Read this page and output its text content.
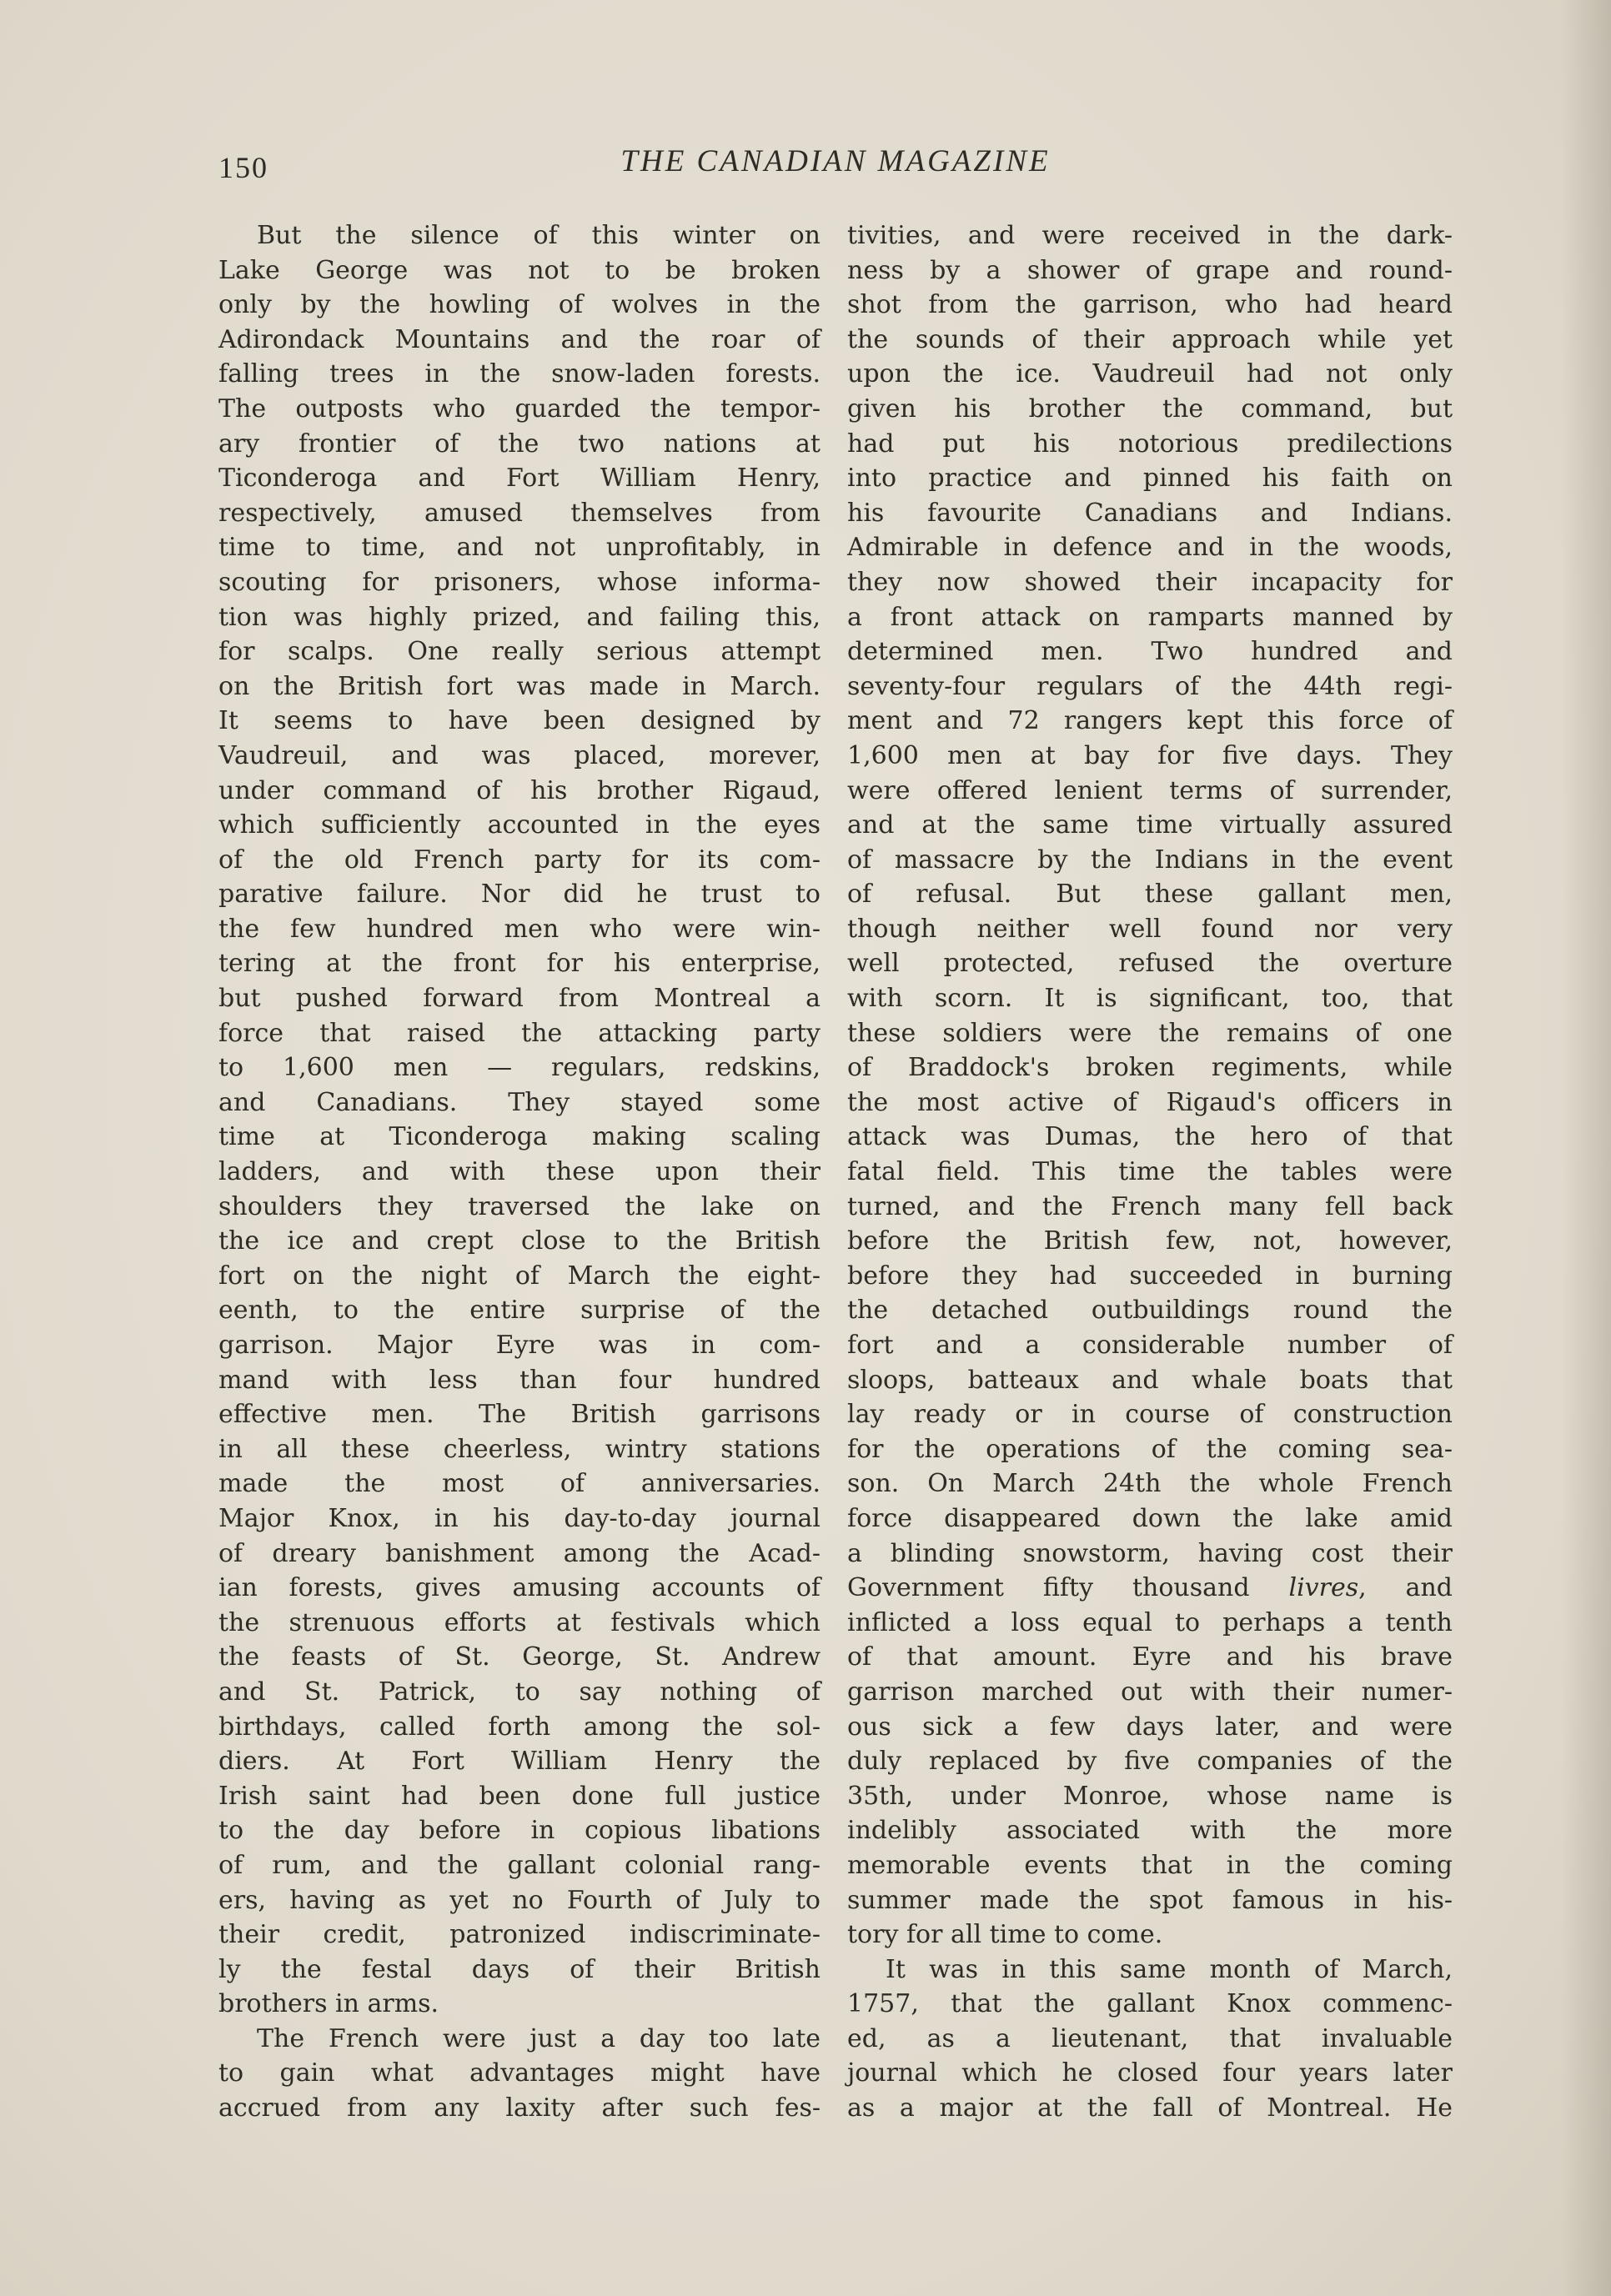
150	THE CANADIAN MAGAZINE
But the silence of this winter on
Lake George was not to be broken
only by the howling of wolves in the
Adirondack Mountains and the roar of
falling trees in the snow-laden forests.
The outposts who guarded the tempor-
ary frontier of the two nations at
Ticonderoga and Fort William Henry,
respectively, amused themselves from
time to time, and not unprofitably, in
scouting for prisoners, whose informa-
tion was highly prized, and failing this,
for scalps. One really serious attempt
on the British fort was made in March.
It seems to have been designed by
Vaudreuil, and was placed, morever,
under command of his brother Rigaud,
which sufficiently accounted in the eyes
of the old French party for its com-
parative failure. Nor did he trust to
the few hundred men who were win-
tering at the front for his enterprise,
but pushed forward from Montreal a
force that raised the attacking party
to 1,600 men — regulars, redskins,
and Canadians. They stayed some
time at Ticonderoga making scaling
ladders, and with these upon their
shoulders they traversed the lake on
the ice and crept close to the British
fort on the night of March the eight-
eenth, to the entire surprise of the
garrison. Major Eyre was in com-
mand with less than four hundred
effective men. The British garrisons
in all these cheerless, wintry stations
made the most of anniversaries.
Major Knox, in his day-to-day journal
of dreary banishment among the Acad-
ian forests, gives amusing accounts of
the strenuous efforts at festivals which
the feasts of St. George, St. Andrew
and St. Patrick, to say nothing of
birthdays, called forth among the sol-
diers. At Fort William Henry the
Irish saint had been done full justice
to the day before in copious libations
of rum, and the gallant colonial rang-
ers, having as yet no Fourth of July to
their credit, patronized indiscriminate-
ly the festal days of their British
brothers in arms.
The French were just a day too late
to gain what advantages might have
accrued from any laxity after such fes-
tivities, and were received in the dark-
ness by a shower of grape and round-
shot from the garrison, who had heard
the sounds of their approach while yet
upon the ice. Vaudreuil had not only
given his brother the command, but
had put his notorious predilections
into practice and pinned his faith on
his favourite Canadians and Indians.
Admirable in defence and in the woods,
they now showed their incapacity for
a front attack on ramparts manned by
determined men. Two hundred and
seventy-four regulars of the 44th regi-
ment and 72 rangers kept this force of
1,600 men at bay for five days. They
were offered lenient terms of surrender,
and at the same time virtually assured
of massacre by the Indians in the event
of refusal. But these gallant men,
though neither well found nor very
well protected, refused the overture
with scorn. It is significant, too, that
these soldiers were the remains of one
of Braddock's broken regiments, while
the most active of Rigaud's officers in
attack was Dumas, the hero of that
fatal field. This time the tables were
turned, and the French many fell back
before the British few, not, however,
before they had succeeded in burning
the detached outbuildings round the
fort and a considerable number of
sloops, batteaux and whale boats that
lay ready or in course of construction
for the operations of the coming sea-
son. On March 24th the whole French
force disappeared down the lake amid
a blinding snowstorm, having cost their
Government fifty thousand livres, and
inflicted a loss equal to perhaps a tenth
of that amount. Eyre and his brave
garrison marched out with their numer-
ous sick a few days later, and were
duly replaced by five companies of the
35th, under Monroe, whose name is
indelibly associated with the more
memorable events that in the coming
summer made the spot famous in his-
tory for all time to come.
It was in this same month of March,
1757, that the gallant Knox commenc-
ed, as a lieutenant, that invaluable
journal which he closed four years later
as a major at the fall of Montreal. He
